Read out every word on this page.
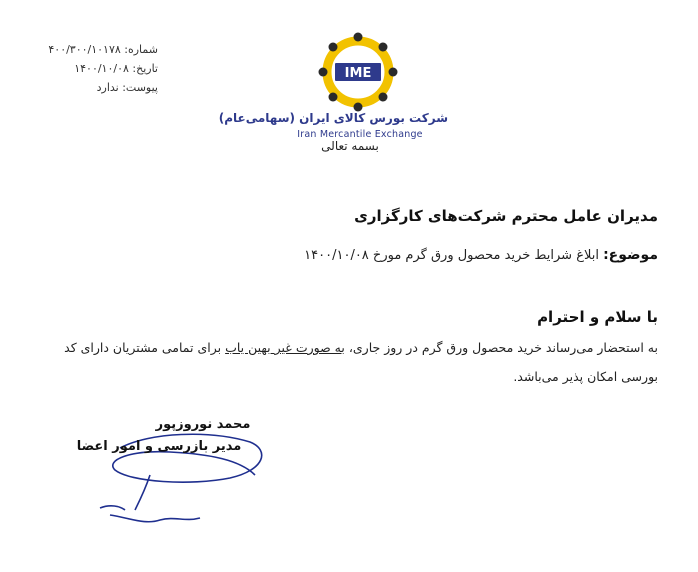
شماره: ۴۰۰/۳۰۰/۱۰۱۷۸
تاریخ: ۱۴۰۰/۱۰/۰۸
پیوست: ندارد
IME
شرکت بورس کالای ایران (سهامی‌عام)
Iran Mercantile Exchange
بسمه تعالی
مدیران عامل محترم شرکت‌های کارگزاری
موضوع: ابلاغ شرایط خرید محصول ورق گرم مورخ ۱۴۰۰/۱۰/۰۸
با سلام و احترام
به استحضار می‌رساند خرید محصول ورق گرم در روز جاری، به صورت غیر بهین یاب برای تمامی مشتریان دارای کد
بورسی امکان پذیر می‌باشد.
محمد نوروزپور
مدیر بازرسی و امور اعضا
